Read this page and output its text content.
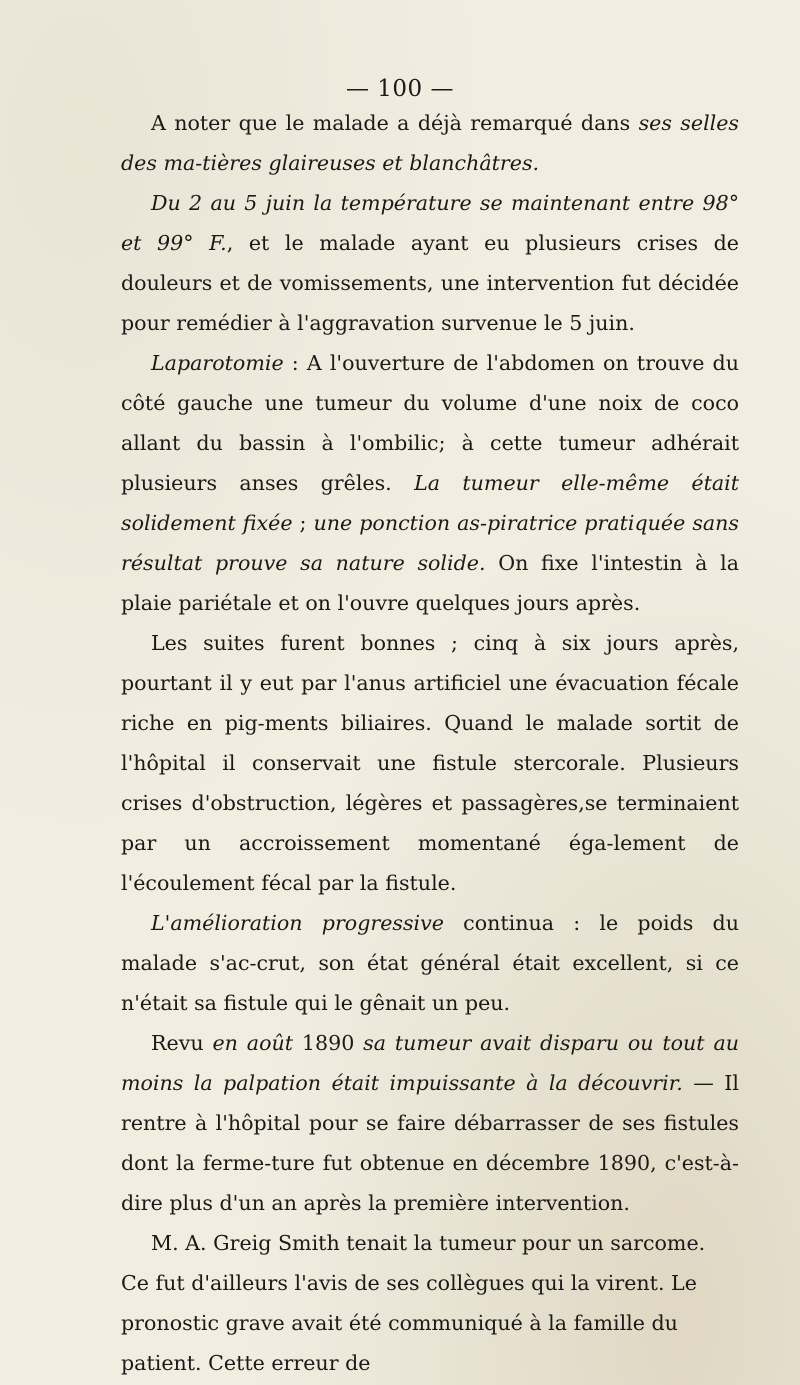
— 100 —

A noter que le malade a déjà remarqué dans ses selles des ma-tières glaireuses et blanchâtres.

Du 2 au 5 juin la température se maintenant entre 98° et 99° F., et le malade ayant eu plusieurs crises de douleurs et de vomissements, une intervention fut décidée pour remédier à l'aggravation survenue le 5 juin.

Laparotomie : A l'ouverture de l'abdomen on trouve du côté gauche une tumeur du volume d'une noix de coco allant du bassin à l'ombilic; à cette tumeur adhérait plusieurs anses grêles. La tumeur elle-même était solidement fixée ; une ponction as-piratrice pratiquée sans résultat prouve sa nature solide. On fixe l'intestin à la plaie pariétale et on l'ouvre quelques jours après.

Les suites furent bonnes ; cinq à six jours après, pourtant il y eut par l'anus artificiel une évacuation fécale riche en pig-ments biliaires. Quand le malade sortit de l'hôpital il conservait une fistule stercorale. Plusieurs crises d'obstruction, légères et passagères,se terminaient par un accroissement momentané éga-lement de l'écoulement fécal par la fistule.

L'amélioration progressive continua : le poids du malade s'ac-crut, son état général était excellent, si ce n'était sa fistule qui le gênait un peu.

Revu en août 1890 sa tumeur avait disparu ou tout au moins la palpation était impuissante à la découvrir. — Il rentre à l'hôpital pour se faire débarrasser de ses fistules dont la ferme-ture fut obtenue en décembre 1890, c'est-à-dire plus d'un an après la première intervention.

M. A. Greig Smith tenait la tumeur pour un sarcome. Ce fut d'ailleurs l'avis de ses collègues qui la virent. Le pronostic grave avait été communiqué à la famille du patient. Cette erreur de
